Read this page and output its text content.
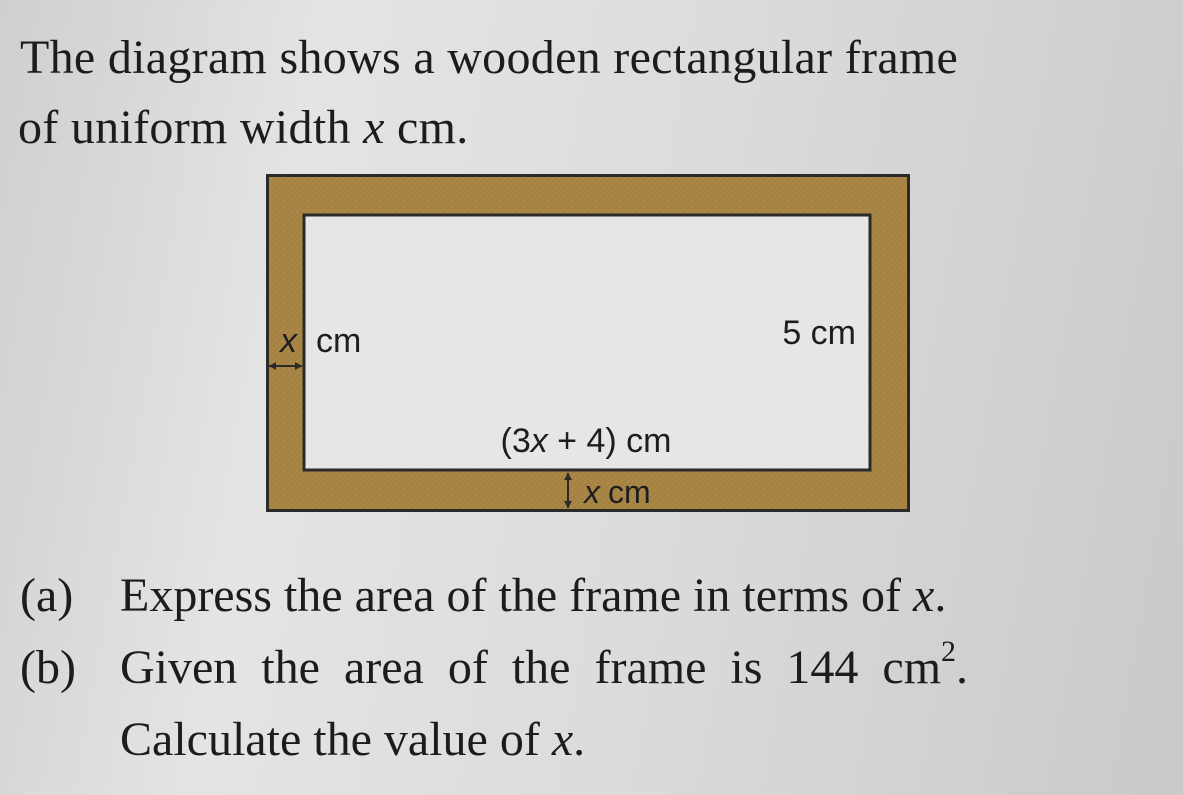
The diagram shows a wooden rectangular frame

of uniform width x cm.

x cm	5 cm
(3x + 4) cm
x cm
(a) Express the area of the frame in terms of x.
(b) Given the area of the frame is 144 $cm^2$.
Calculate the value of x.
